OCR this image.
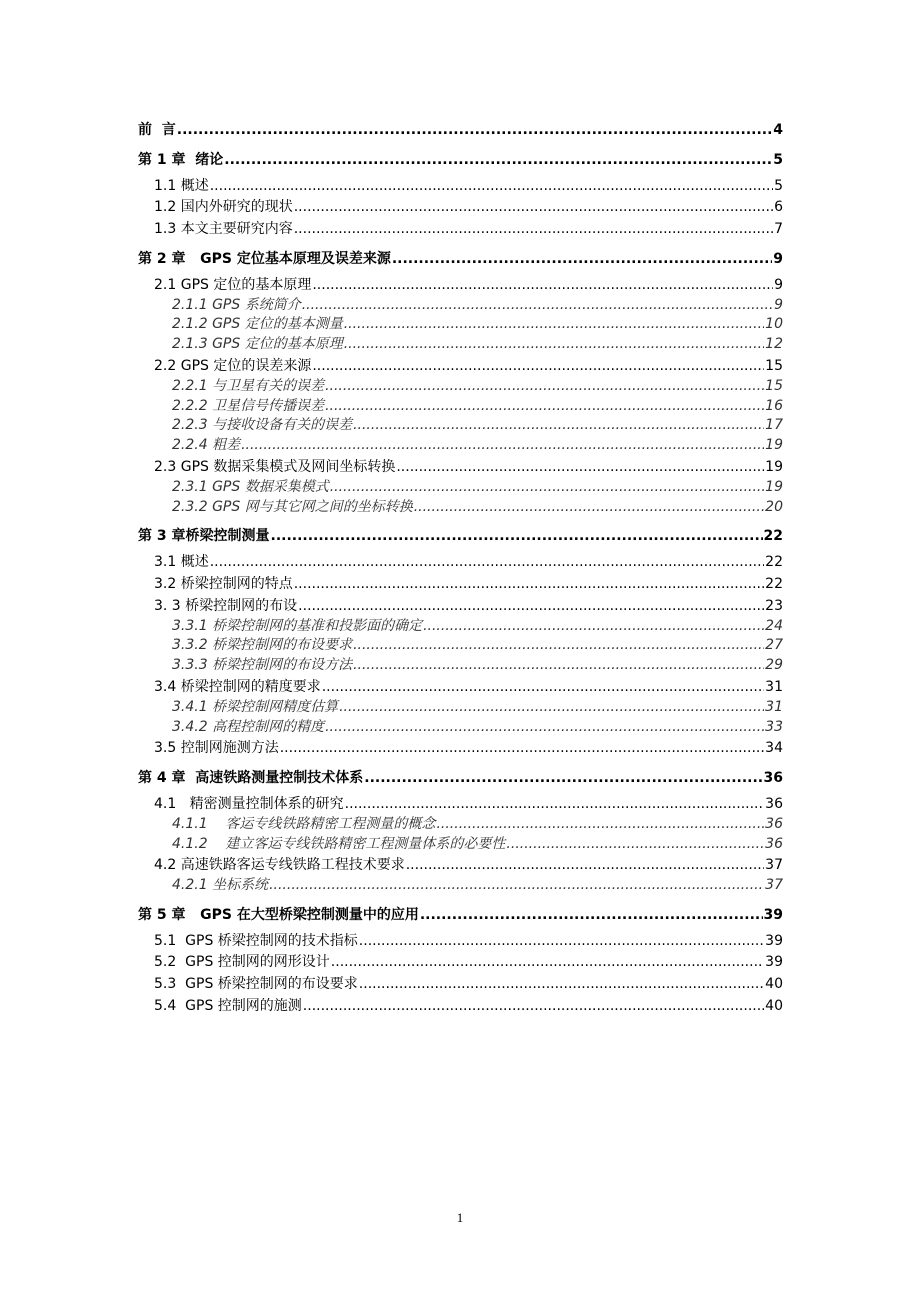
前  言 .....	4
第 1 章  绪论 .....	5
1.1 概述 .....	5
1.2 国内外研究的现状 .....	6
1.3 本文主要研究内容 .....	7
第 2 章   GPS 定位基本原理及误差来源 .....	9
2.1 GPS 定位的基本原理 .....	9
2.1.1 GPS 系统简介 .....	9
2.1.2 GPS 定位的基本测量 .....	10
2.1.3 GPS 定位的基本原理 .....	12
2.2 GPS 定位的误差来源 .....	15
2.2.1 与卫星有关的误差 .....	15
2.2.2 卫星信号传播误差 .....	16
2.2.3 与接收设备有关的误差 .....	17
2.2.4 粗差 .....	19
2.3 GPS 数据采集模式及网间坐标转换 .....	19
2.3.1 GPS 数据采集模式 .....	19
2.3.2 GPS 网与其它网之间的坐标转换 .....	20
第 3 章桥梁控制测量 .....	22
3.1 概述 .....	22
3.2 桥梁控制网的特点 .....	22
3. 3 桥梁控制网的布设 .....	23
3.3.1 桥梁控制网的基准和投影面的确定 .....	24
3.3.2 桥梁控制网的布设要求 .....	27
3.3.3 桥梁控制网的布设方法 .....	29
3.4 桥梁控制网的精度要求 .....	31
3.4.1 桥梁控制网精度估算 .....	31
3.4.2 高程控制网的精度 .....	33
3.5 控制网施测方法 .....	34
第 4 章  高速铁路测量控制技术体系 .....	36
4.1   精密测量控制体系的研究 .....	36
4.1.1    客运专线铁路精密工程测量的概念 .....	36
4.1.2    建立客运专线铁路精密工程测量体系的必要性 .....	36
4.2 高速铁路客运专线铁路工程技术要求 .....	37
4.2.1 坐标系统 .....	37
第 5 章   GPS 在大型桥梁控制测量中的应用 .....	39
5.1  GPS 桥梁控制网的技术指标 .....	39
5.2  GPS 控制网的网形设计 .....	39
5.3  GPS 桥梁控制网的布设要求 .....	40
5.4  GPS 控制网的施测 .....	40
1
